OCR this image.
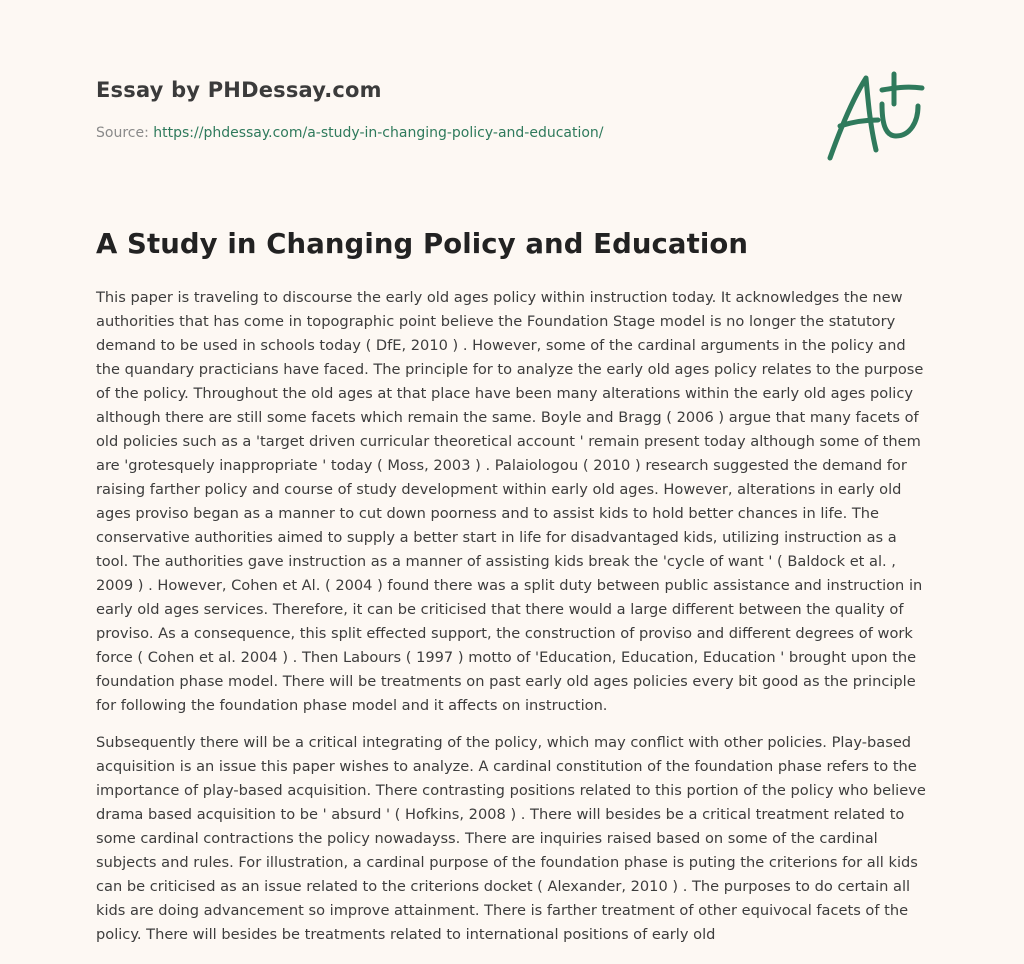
Essay by PHDessay.com
Source: https://phdessay.com/a-study-in-changing-policy-and-education/
A Study in Changing Policy and Education

This paper is traveling to discourse the early old ages policy within instruction today. It acknowledges the new authorities that has come in topographic point believe the Foundation Stage model is no longer the statutory demand to be used in schools today ( DfE, 2010 ) . However, some of the cardinal arguments in the policy and the quandary practicians have faced. The principle for to analyze the early old ages policy relates to the purpose of the policy. Throughout the old ages at that place have been many alterations within the early old ages policy although there are still some facets which remain the same. Boyle and Bragg ( 2006 ) argue that many facets of old policies such as a 'target driven curricular theoretical account ' remain present today although some of them are 'grotesquely inappropriate ' today ( Moss, 2003 ) . Palaiologou ( 2010 ) research suggested the demand for raising farther policy and course of study development within early old ages. However, alterations in early old ages proviso began as a manner to cut down poorness and to assist kids to hold better chances in life. The conservative authorities aimed to supply a better start in life for disadvantaged kids, utilizing instruction as a tool. The authorities gave instruction as a manner of assisting kids break the 'cycle of want ' ( Baldock et al. , 2009 ) . However, Cohen et Al. ( 2004 ) found there was a split duty between public assistance and instruction in early old ages services. Therefore, it can be criticised that there would a large different between the quality of proviso. As a consequence, this split effected support, the construction of proviso and different degrees of work force ( Cohen et al. 2004 ) . Then Labours ( 1997 ) motto of 'Education, Education, Education ' brought upon the foundation phase model. There will be treatments on past early old ages policies every bit good as the principle for following the foundation phase model and it affects on instruction.

Subsequently there will be a critical integrating of the policy, which may conflict with other policies. Play-based acquisition is an issue this paper wishes to analyze. A cardinal constitution of the foundation phase refers to the importance of play-based acquisition. There contrasting positions related to this portion of the policy who believe drama based acquisition to be ' absurd ' ( Hofkins, 2008 ) . There will besides be a critical treatment related to some cardinal contractions the policy nowadayss. There are inquiries raised based on some of the cardinal subjects and rules. For illustration, a cardinal purpose of the foundation phase is puting the criterions for all kids can be criticised as an issue related to the criterions docket ( Alexander, 2010 ) . The purposes to do certain all kids are doing advancement so improve attainment. There is farther treatment of other equivocal facets of the policy. There will besides be treatments related to international positions of early old
